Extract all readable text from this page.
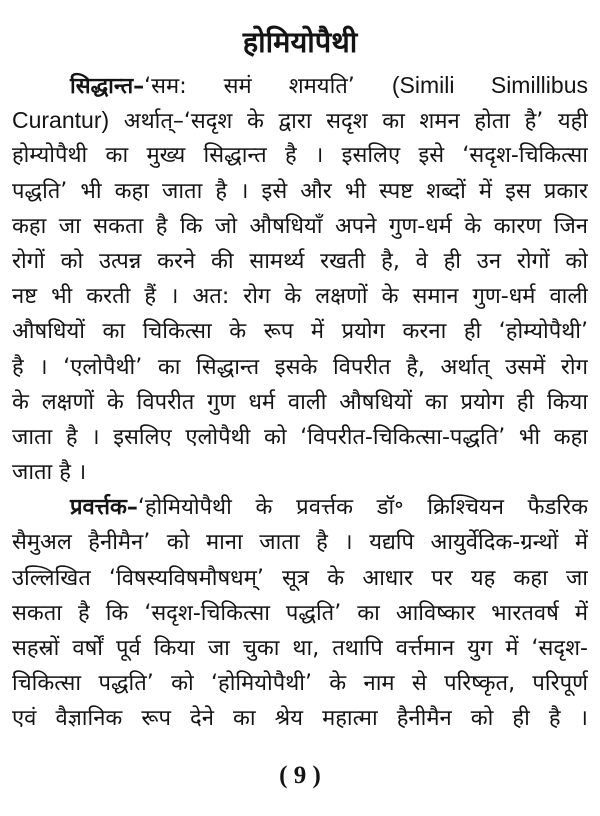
होमियोपैथी
सिद्धान्त–‘सम: समं शमयति’ (Simili Simillibus
Curantur) अर्थात्–‘सदृश के द्वारा सदृश का शमन होता है’ यही
होम्योपैथी का मुख्य सिद्धान्त है । इसलिए इसे ‘सदृश-चिकित्सा
पद्धति’ भी कहा जाता है । इसे और भी स्पष्ट शब्दों में इस प्रकार
कहा जा सकता है कि जो औषधियाँ अपने गुण-धर्म के कारण जिन
रोगों को उत्पन्न करने की सामर्थ्य रखती है, वे ही उन रोगों को
नष्ट भी करती हैं । अत: रोग के लक्षणों के समान गुण-धर्म वाली
औषधियों का चिकित्सा के रूप में प्रयोग करना ही ‘होम्योपैथी’
है । ‘एलोपैथी’ का सिद्धान्त इसके विपरीत है, अर्थात् उसमें रोग
के लक्षणों के विपरीत गुण धर्म वाली औषधियों का प्रयोग ही किया
जाता है । इसलिए एलोपैथी को ‘विपरीत-चिकित्सा-पद्धति’ भी कहा
जाता है ।
प्रवर्त्तक–‘होमियोपैथी के प्रवर्त्तक डॉ॰ क्रिश्चियन फैडरिक
सैमुअल हैनीमैन’ को माना जाता है । यद्यपि आयुर्वेदिक-ग्रन्थों में
उल्लिखित ‘विषस्यविषमौषधम्’ सूत्र के आधार पर यह कहा जा
सकता है कि ‘सदृश-चिकित्सा पद्धति’ का आविष्कार भारतवर्ष में
सहस्रों वर्षों पूर्व किया जा चुका था, तथापि वर्त्तमान युग में ‘सदृश-
चिकित्सा पद्धति’ को ‘होमियोपैथी’ के नाम से परिष्कृत, परिपूर्ण
एवं वैज्ञानिक रूप देने का श्रेय महात्मा हैनीमैन को ही है ।
( 9 )
